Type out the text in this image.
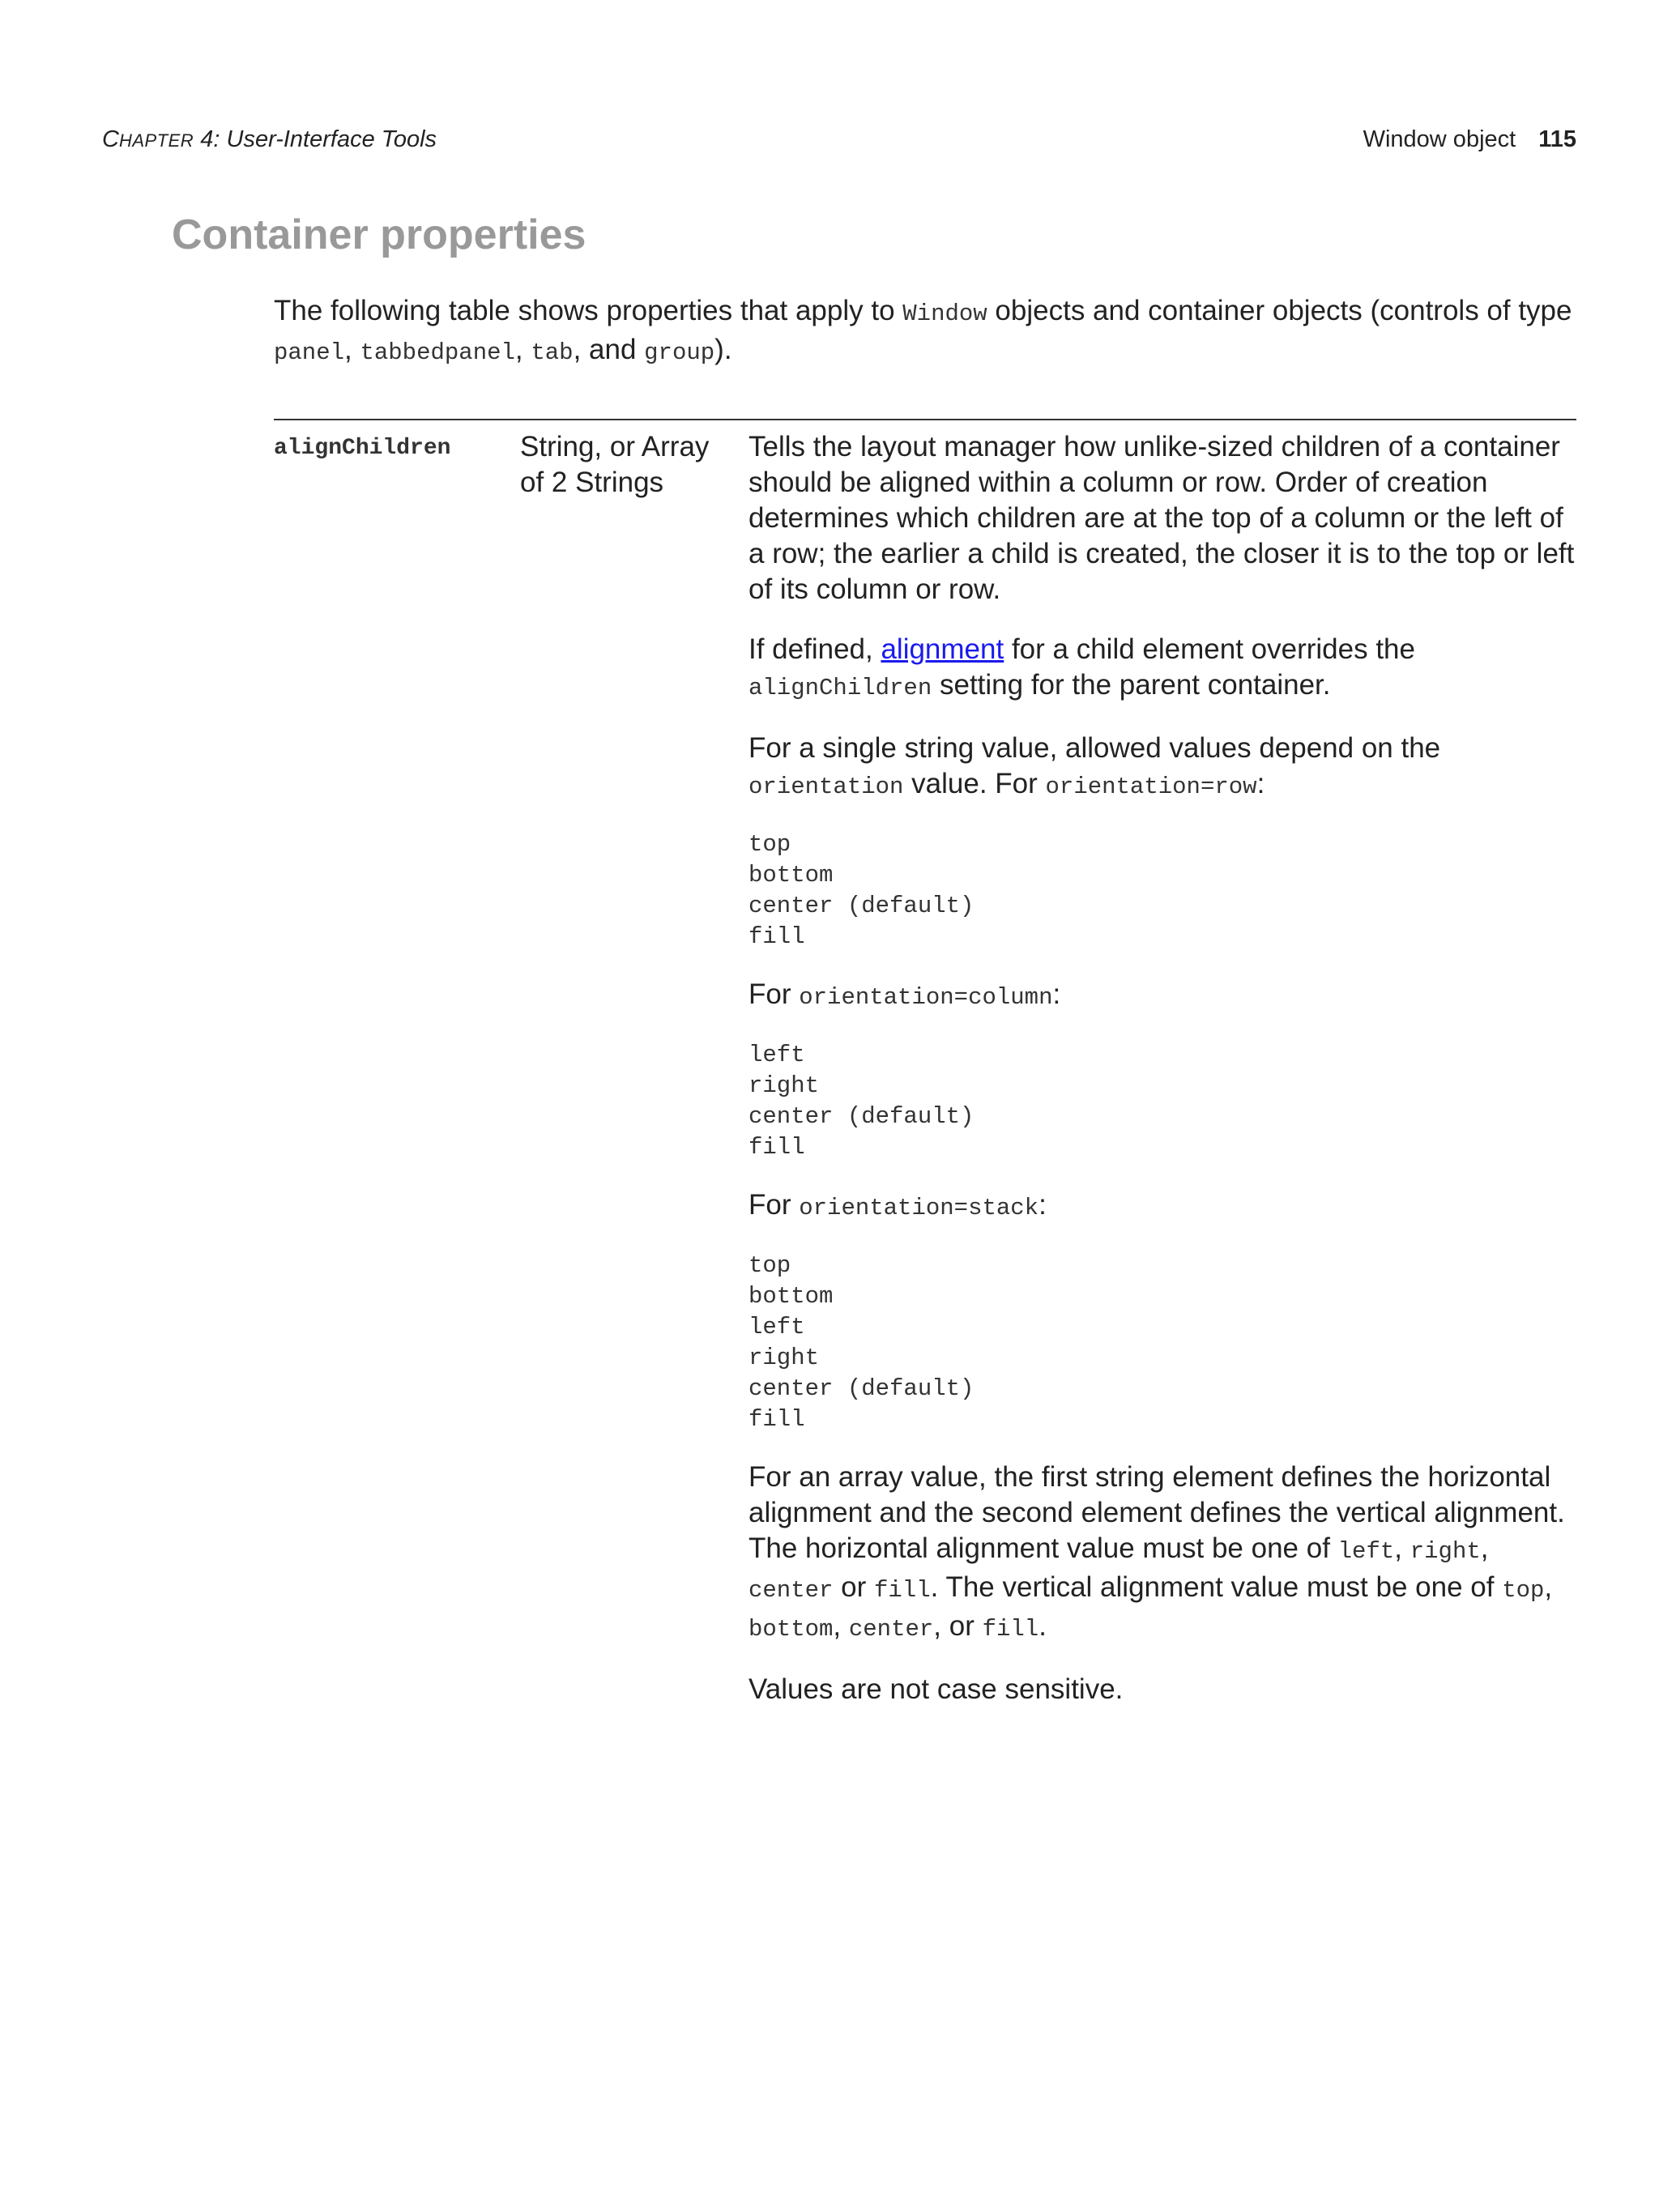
CHAPTER 4: User-Interface Tools	Window object 115
Container properties

The following table shows properties that apply to Window objects and container objects (controls of type panel, tabbedpanel, tab, and group).

alignChildren String, or Array of 2 Strings

Tells the layout manager how unlike-sized children of a container should be aligned within a column or row. Order of creation determines which children are at the top of a column or the left of a row; the earlier a child is created, the closer it is to the top or left of its column or row.

If defined, alignment for a child element overrides the alignChildren setting for the parent container.

For a single string value, allowed values depend on the orientation value. For orientation=row:

top
bottom
center (default)
fill

For orientation=column:

left
right
center (default)
fill

For orientation=stack:

top
bottom
left
right
center (default)
fill

For an array value, the first string element defines the horizontal alignment and the second element defines the vertical alignment. The horizontal alignment value must be one of left, right, center or fill. The vertical alignment value must be one of top, bottom, center, or fill.

Values are not case sensitive.
